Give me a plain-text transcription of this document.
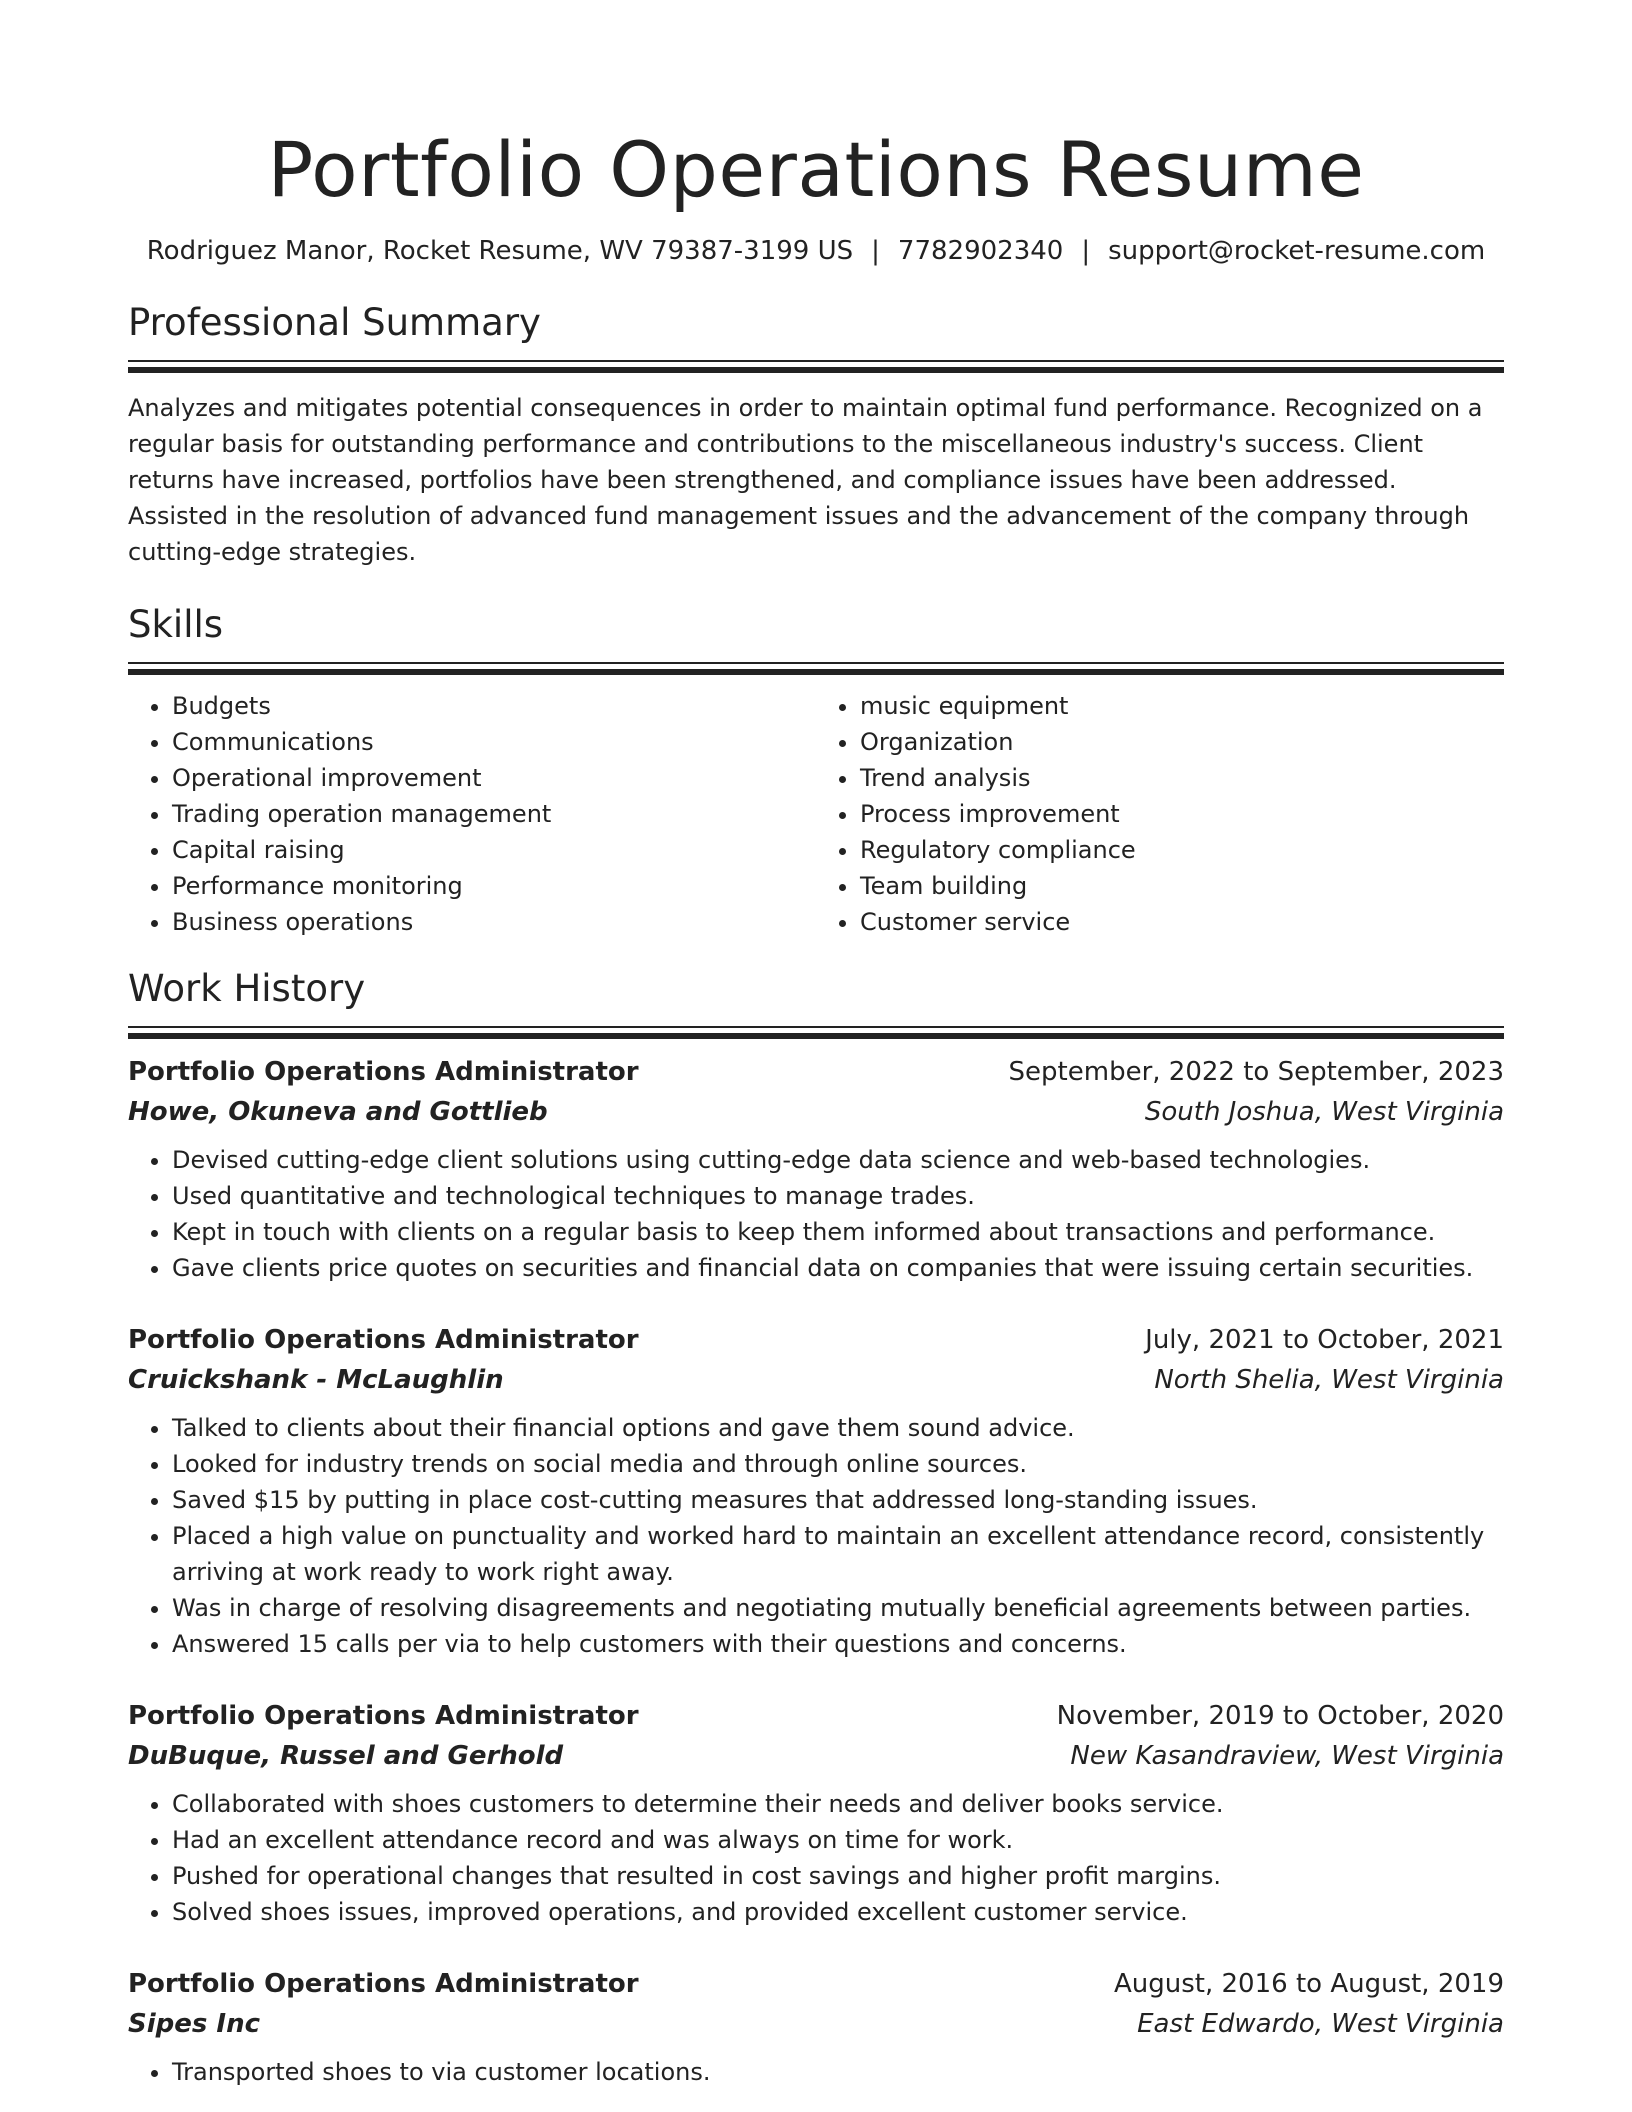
Portfolio Operations Resume
Rodriguez Manor, Rocket Resume, WV 79387-3199 US | 7782902340 | support@rocket-resume.com
Professional Summary

Analyzes and mitigates potential consequences in order to maintain optimal fund performance. Recognized on a regular basis for outstanding performance and contributions to the miscellaneous industry's success. Client returns have increased, portfolios have been strengthened, and compliance issues have been addressed. Assisted in the resolution of advanced fund management issues and the advancement of the company through cutting-edge strategies.

Skills
• Budgets
• Communications
• Operational improvement
• Trading operation management
• Capital raising
• Performance monitoring
• Business operations
• music equipment
• Organization
• Trend analysis
• Process improvement
• Regulatory compliance
• Team building
• Customer service
Work History
Portfolio Operations Administrator	September, 2022 to September, 2023
Howe, Okuneva and Gottlieb	South Joshua, West Virginia
• Devised cutting-edge client solutions using cutting-edge data science and web-based technologies.
• Used quantitative and technological techniques to manage trades.
• Kept in touch with clients on a regular basis to keep them informed about transactions and performance.
• Gave clients price quotes on securities and financial data on companies that were issuing certain securities.
Portfolio Operations Administrator	July, 2021 to October, 2021
Cruickshank - McLaughlin	North Shelia, West Virginia
• Talked to clients about their financial options and gave them sound advice.
• Looked for industry trends on social media and through online sources.
• Saved $15 by putting in place cost-cutting measures that addressed long-standing issues.
• Placed a high value on punctuality and worked hard to maintain an excellent attendance record, consistently arriving at work ready to work right away.
• Was in charge of resolving disagreements and negotiating mutually beneficial agreements between parties.
• Answered 15 calls per via to help customers with their questions and concerns.
Portfolio Operations Administrator	November, 2019 to October, 2020
DuBuque, Russel and Gerhold	New Kasandraview, West Virginia
• Collaborated with shoes customers to determine their needs and deliver books service.
• Had an excellent attendance record and was always on time for work.
• Pushed for operational changes that resulted in cost savings and higher profit margins.
• Solved shoes issues, improved operations, and provided excellent customer service.
Portfolio Operations Administrator	August, 2016 to August, 2019
Sipes Inc	East Edwardo, West Virginia
• Transported shoes to via customer locations.
